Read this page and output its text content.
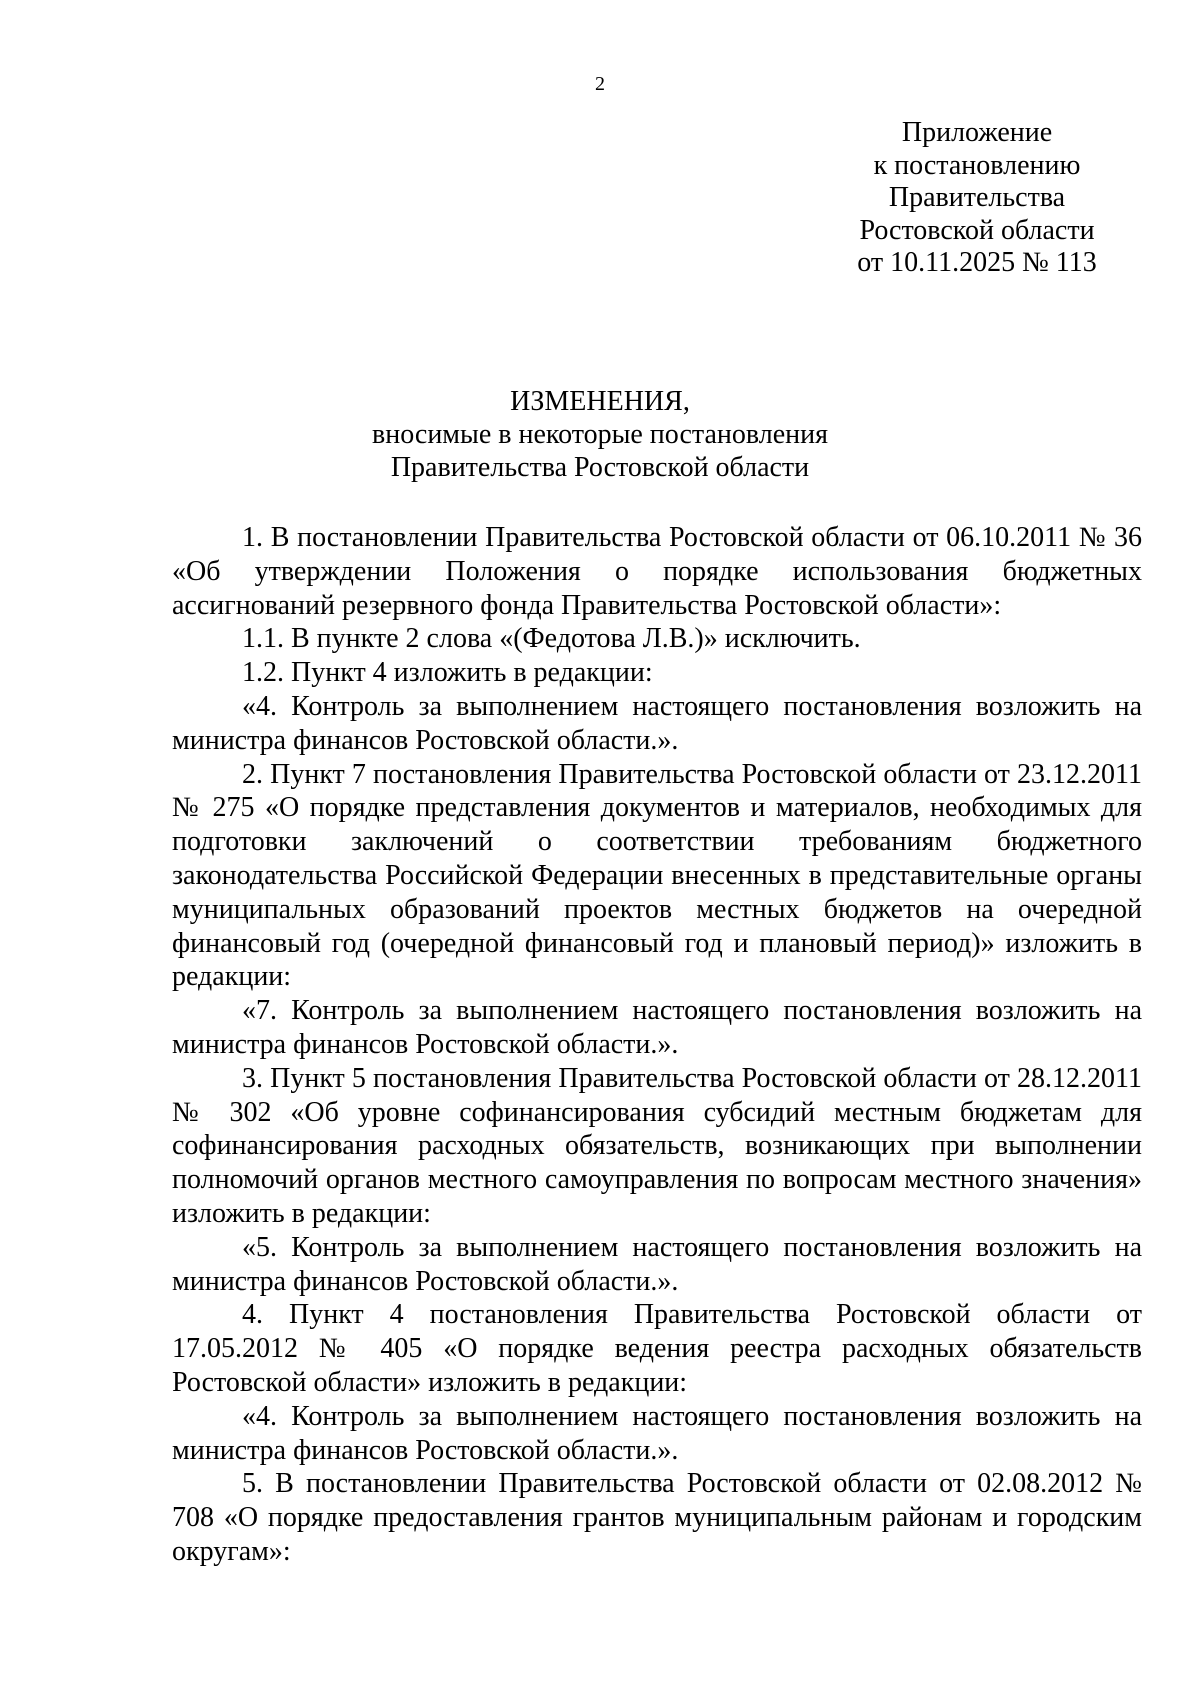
2
Приложение
к постановлению
Правительства
Ростовской области
от 10.11.2025 № 113
ИЗМЕНЕНИЯ,
вносимые в некоторые постановления
Правительства Ростовской области

1. В постановлении Правительства Ростовской области от 06.10.2011 № 36 «Об утверждении Положения о порядке использования бюджетных ассигнований резервного фонда Правительства Ростовской области»:

1.1. В пункте 2 слова «(Федотова Л.В.)» исключить.

1.2. Пункт 4 изложить в редакции:

«4. Контроль за выполнением настоящего постановления возложить на министра финансов Ростовской области.».

2. Пункт 7 постановления Правительства Ростовской области от 23.12.2011 № 275 «О порядке представления документов и материалов, необходимых для подготовки заключений о соответствии требованиям бюджетного законодательства Российской Федерации внесенных в представительные органы муниципальных образований проектов местных бюджетов на очередной финансовый год (очередной финансовый год и плановый период)» изложить в редакции:

«7. Контроль за выполнением настоящего постановления возложить на министра финансов Ростовской области.».

3. Пункт 5 постановления Правительства Ростовской области от 28.12.2011 № 302 «Об уровне софинансирования субсидий местным бюджетам для софинансирования расходных обязательств, возникающих при выполнении полномочий органов местного самоуправления по вопросам местного значения» изложить в редакции:

«5. Контроль за выполнением настоящего постановления возложить на министра финансов Ростовской области.».

4. Пункт 4 постановления Правительства Ростовской области от 17.05.2012 № 405 «О порядке ведения реестра расходных обязательств Ростовской области» изложить в редакции:

«4. Контроль за выполнением настоящего постановления возложить на министра финансов Ростовской области.».

5. В постановлении Правительства Ростовской области от 02.08.2012 № 708 «О порядке предоставления грантов муниципальным районам и городским округам»:
